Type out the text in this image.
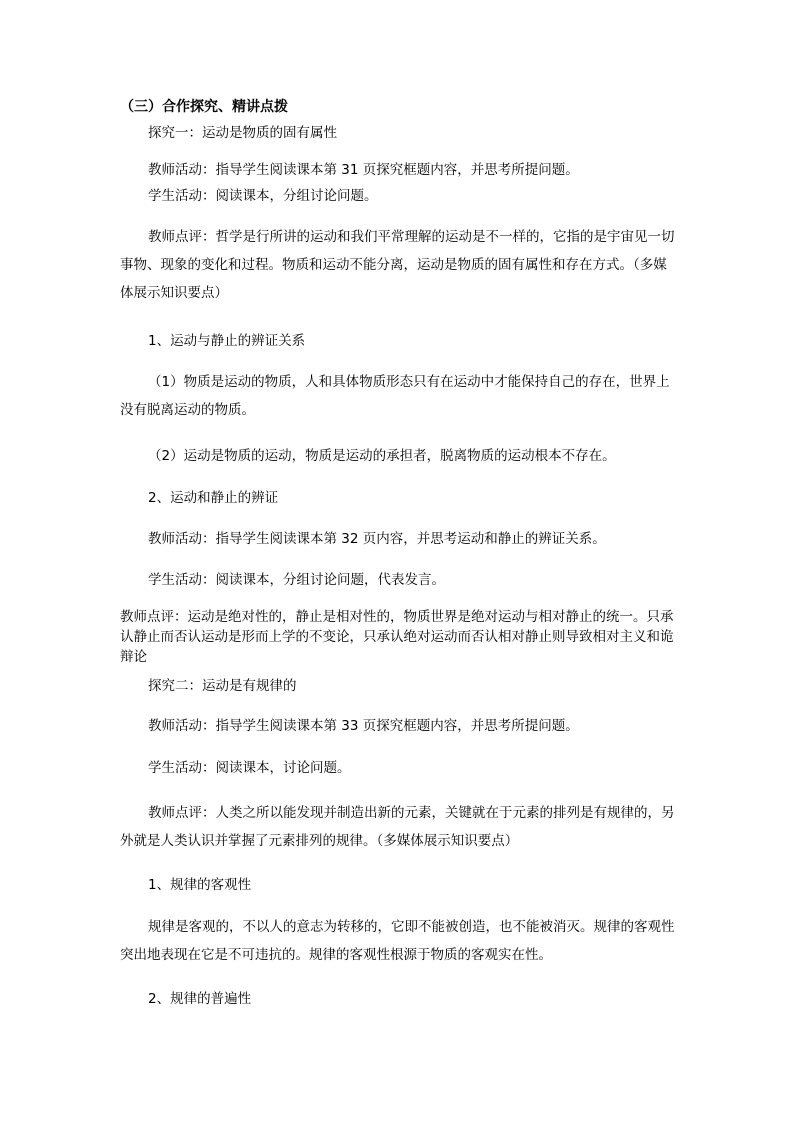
（三）合作探究、精讲点拨

探究一：运动是物质的固有属性

教师活动：指导学生阅读课本第 31 页探究框题内容，并思考所提问题。

学生活动：阅读课本，分组讨论问题。

教师点评：哲学是行所讲的运动和我们平常理解的运动是不一样的，它指的是宇宙见一切事物、现象的变化和过程。物质和运动不能分离，运动是物质的固有属性和存在方式。（多媒体展示知识要点）

1、运动与静止的辨证关系

（1）物质是运动的物质，人和具体物质形态只有在运动中才能保持自己的存在，世界上没有脱离运动的物质。

（2）运动是物质的运动，物质是运动的承担者，脱离物质的运动根本不存在。

2、运动和静止的辨证

教师活动：指导学生阅读课本第 32 页内容，并思考运动和静止的辨证关系。

学生活动：阅读课本，分组讨论问题，代表发言。

教师点评：运动是绝对性的，静止是相对性的，物质世界是绝对运动与相对静止的统一。只承认静止而否认运动是形而上学的不变论，只承认绝对运动而否认相对静止则导致相对主义和诡辩论

探究二：运动是有规律的

教师活动：指导学生阅读课本第 33 页探究框题内容，并思考所提问题。

学生活动：阅读课本，讨论问题。

教师点评：人类之所以能发现并制造出新的元素，关键就在于元素的排列是有规律的，另外就是人类认识并掌握了元素排列的规律。（多媒体展示知识要点）

1、规律的客观性

规律是客观的，不以人的意志为转移的，它即不能被创造，也不能被消灭。规律的客观性突出地表现在它是不可违抗的。规律的客观性根源于物质的客观实在性。

2、规律的普遍性
